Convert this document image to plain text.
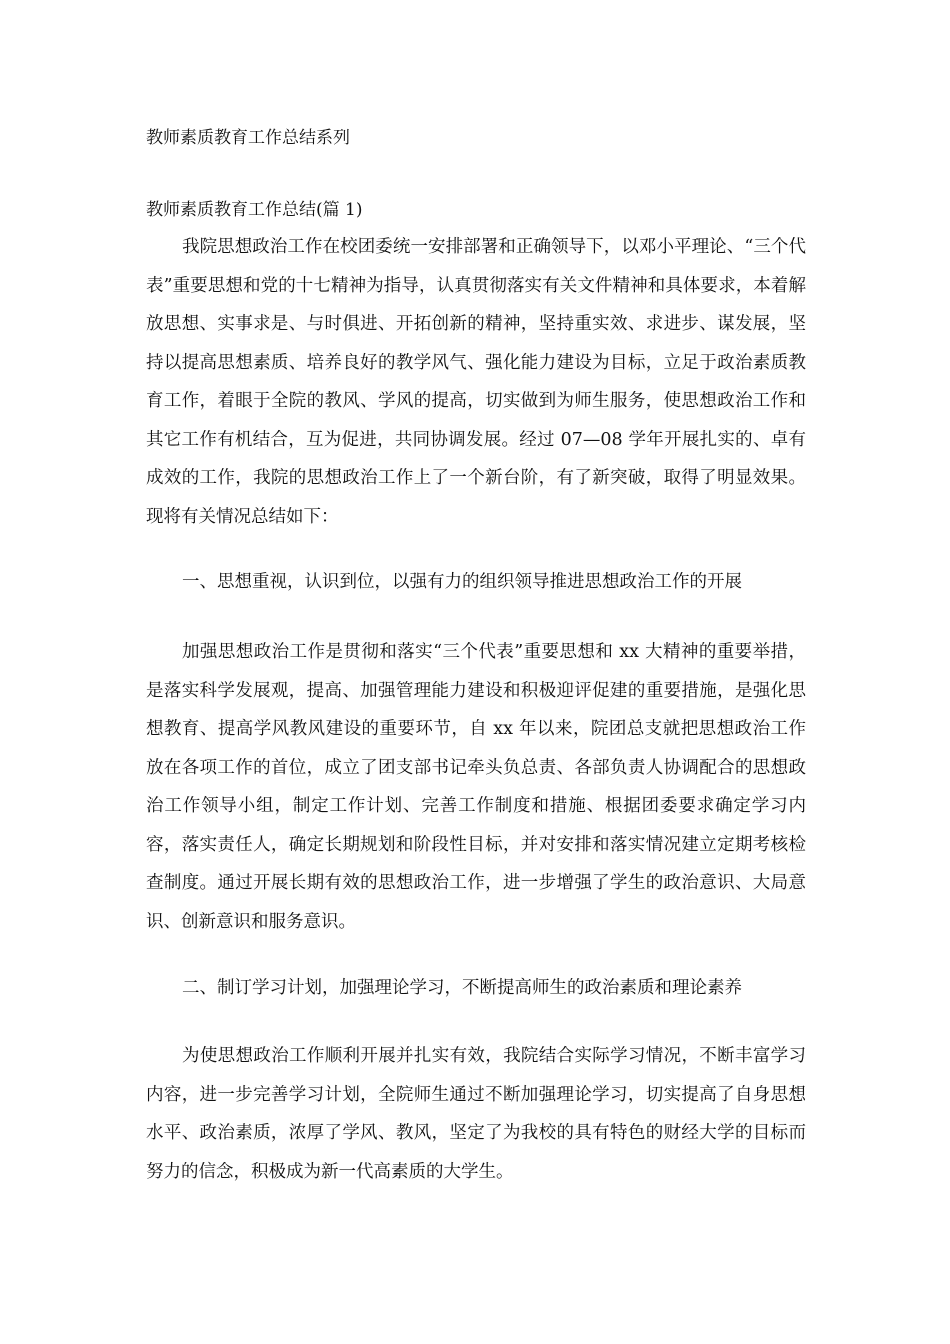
教师素质教育工作总结系列
教师素质教育工作总结(篇 1)

我院思想政治工作在校团委统一安排部署和正确领导下，以邓小平理论、“三个代表”重要思想和党的十七精神为指导，认真贯彻落实有关文件精神和具体要求，本着解放思想、实事求是、与时俱进、开拓创新的精神，坚持重实效、求进步、谋发展，坚持以提高思想素质、培养良好的教学风气、强化能力建设为目标，立足于政治素质教育工作，着眼于全院的教风、学风的提高，切实做到为师生服务，使思想政治工作和其它工作有机结合，互为促进，共同协调发展。经过 07—08 学年开展扎实的、卓有成效的工作，我院的思想政治工作上了一个新台阶，有了新突破，取得了明显效果。现将有关情况总结如下：

一、思想重视，认识到位，以强有力的组织领导推进思想政治工作的开展

加强思想政治工作是贯彻和落实“三个代表”重要思想和 xx 大精神的重要举措，是落实科学发展观，提高、加强管理能力建设和积极迎评促建的重要措施，是强化思想教育、提高学风教风建设的重要环节，自 xx 年以来，院团总支就把思想政治工作放在各项工作的首位，成立了团支部书记牵头负总责、各部负责人协调配合的思想政治工作领导小组，制定工作计划、完善工作制度和措施、根据团委要求确定学习内容，落实责任人，确定长期规划和阶段性目标，并对安排和落实情况建立定期考核检查制度。通过开展长期有效的思想政治工作，进一步增强了学生的政治意识、大局意识、创新意识和服务意识。

二、制订学习计划，加强理论学习，不断提高师生的政治素质和理论素养

为使思想政治工作顺利开展并扎实有效，我院结合实际学习情况，不断丰富学习内容，进一步完善学习计划，全院师生通过不断加强理论学习，切实提高了自身思想水平、政治素质，浓厚了学风、教风，坚定了为我校的具有特色的财经大学的目标而努力的信念，积极成为新一代高素质的大学生。
